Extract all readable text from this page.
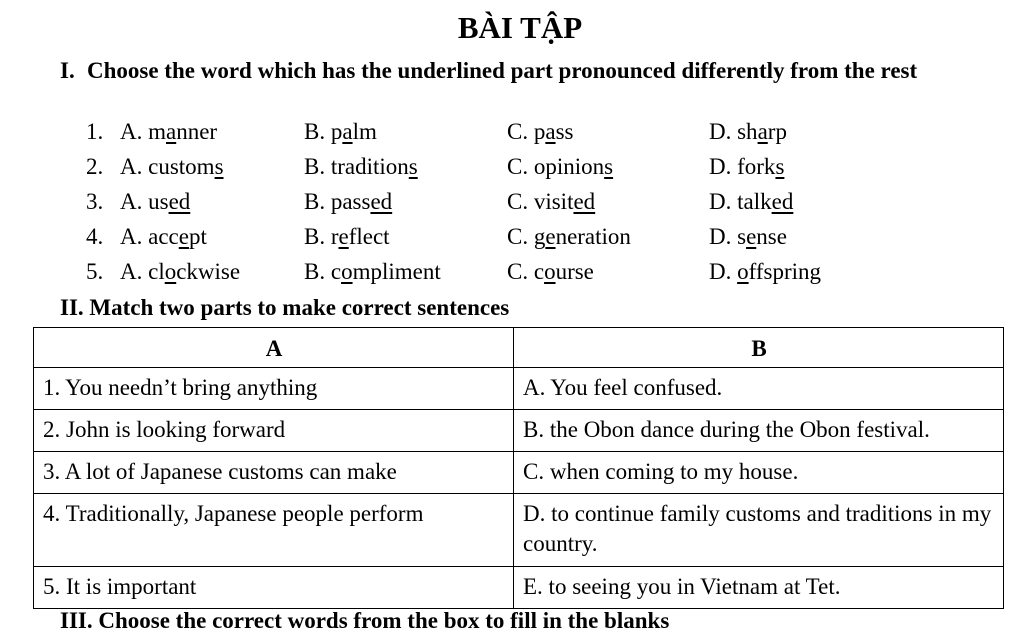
BÀI TẬP
I. Choose the word which has the underlined part pronounced differently from the rest
1. A. manner	B. palm	C. pass	D. sharp
2. A. customs	B. traditions	C. opinions	D. forks
3. A. used	B. passed	C. visited	D. talked
4. A. accept	B. reflect	C. generation	D. sense
5. A. clockwise	B. compliment	C. course	D. offspring
II. Match two parts to make correct sentences
A	B
1. You needn’t bring anything	A. You feel confused.
2. John is looking forward	B. the Obon dance during the Obon festival.
3. A lot of Japanese customs can make	C. when coming to my house.
4. Traditionally, Japanese people perform	D. to continue family customs and traditions in my country.
5. It is important	E. to seeing you in Vietnam at Tet.
III. Choose the correct words from the box to fill in the blanks
